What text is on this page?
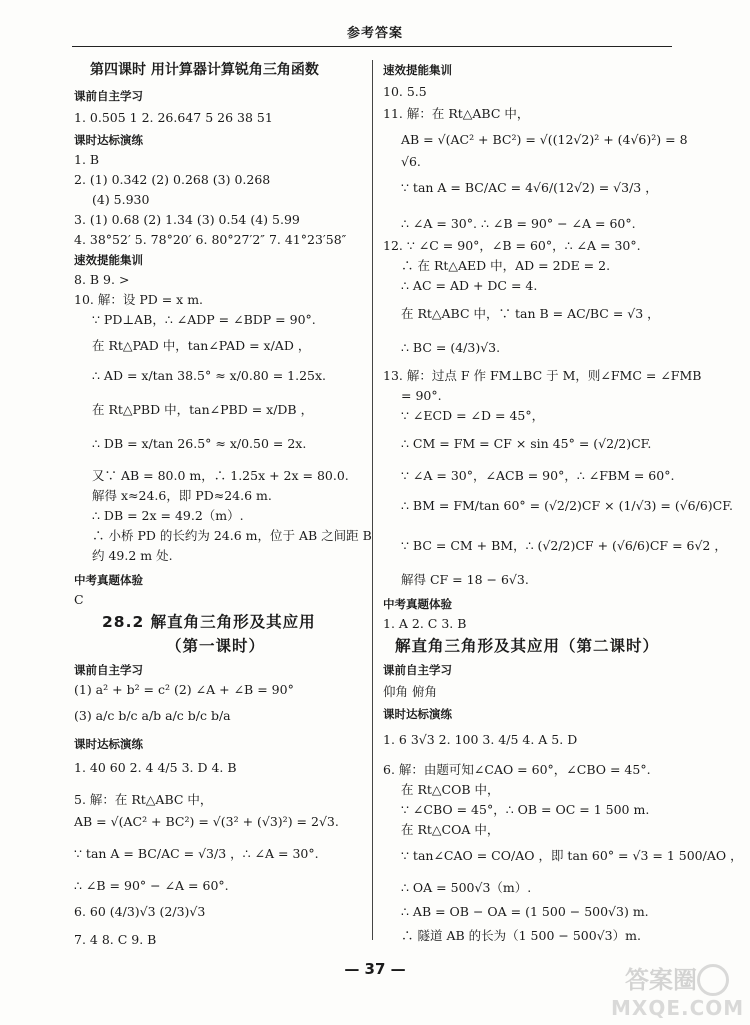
参考答案
第四课时 用计算器计算锐角三角函数
课前自主学习
1. 0.505 1 2. 26.647 5 26 38 51
课时达标演练
1. B
2. (1) 0.342 (2) 0.268 (3) 0.268
(4) 5.930
3. (1) 0.68 (2) 1.34 (3) 0.54 (4) 5.99
4. 38°52′ 5. 78°20′ 6. 80°27′2″ 7. 41°23′58″
速效提能集训
8. B 9. >
10. 解：设 PD = x m.
∵ PD⊥AB，∴ ∠ADP = ∠BDP = 90°.
在 Rt△PAD 中，tan∠PAD = x/AD ，
∴ AD = x/tan 38.5° ≈ x/0.80 = 1.25x.
在 Rt△PBD 中，tan∠PBD = x/DB ，
∴ DB = x/tan 26.5° ≈ x/0.50 = 2x.
又∵ AB = 80.0 m，∴ 1.25x + 2x = 80.0.
解得 x≈24.6，即 PD≈24.6 m.
∴ DB = 2x = 49.2（m）.
∴ 小桥 PD 的长约为 24.6 m，位于 AB 之间距 B
约 49.2 m 处.
中考真题体验
C
28.2 解直角三角形及其应用
（第一课时）
课前自主学习
(1) a² + b² = c² (2) ∠A + ∠B = 90°
(3) a/c b/c a/b a/c b/c b/a
课时达标演练
1. 40 60 2. 4 4/5 3. D 4. B
5. 解：在 Rt△ABC 中，
AB = √(AC² + BC²) = √(3² + (√3)²) = 2√3.
∵ tan A = BC/AC = √3/3 ，∴ ∠A = 30°.
∴ ∠B = 90° − ∠A = 60°.
6. 60 (4/3)√3 (2/3)√3
7. 4 8. C 9. B
速效提能集训
10. 5.5
11. 解：在 Rt△ABC 中，
AB = √(AC² + BC²) = √((12√2)² + (4√6)²) = 8
√6.
∵ tan A = BC/AC = 4√6/(12√2) = √3/3 ，
∴ ∠A = 30°. ∴ ∠B = 90° − ∠A = 60°.
12. ∵ ∠C = 90°，∠B = 60°，∴ ∠A = 30°.
∴ 在 Rt△AED 中，AD = 2DE = 2.
∴ AC = AD + DC = 4.
在 Rt△ABC 中，∵ tan B = AC/BC = √3 ，
∴ BC = (4/3)√3.
13. 解：过点 F 作 FM⊥BC 于 M，则∠FMC = ∠FMB
= 90°.
∵ ∠ECD = ∠D = 45°，
∴ CM = FM = CF × sin 45° = (√2/2)CF.
∵ ∠A = 30°，∠ACB = 90°，∴ ∠FBM = 60°.
∴ BM = FM/tan 60° = (√2/2)CF × (1/√3) = (√6/6)CF.
∵ BC = CM + BM，∴ (√2/2)CF + (√6/6)CF = 6√2 ，
解得 CF = 18 − 6√3.
中考真题体验
1. A 2. C 3. B
解直角三角形及其应用（第二课时）
课前自主学习
仰角 俯角
课时达标演练
1. 6 3√3 2. 100 3. 4/5 4. A 5. D
6. 解：由题可知∠CAO = 60°，∠CBO = 45°.
在 Rt△COB 中，
∵ ∠CBO = 45°，∴ OB = OC = 1 500 m.
在 Rt△COA 中，
∵ tan∠CAO = CO/AO ，即 tan 60° = √3 = 1 500/AO ，
∴ OA = 500√3（m）.
∴ AB = OB − OA = (1 500 − 500√3) m.
∴ 隧道 AB 的长为（1 500 − 500√3）m.
— 37 —	答案圈
MXQE.COM
